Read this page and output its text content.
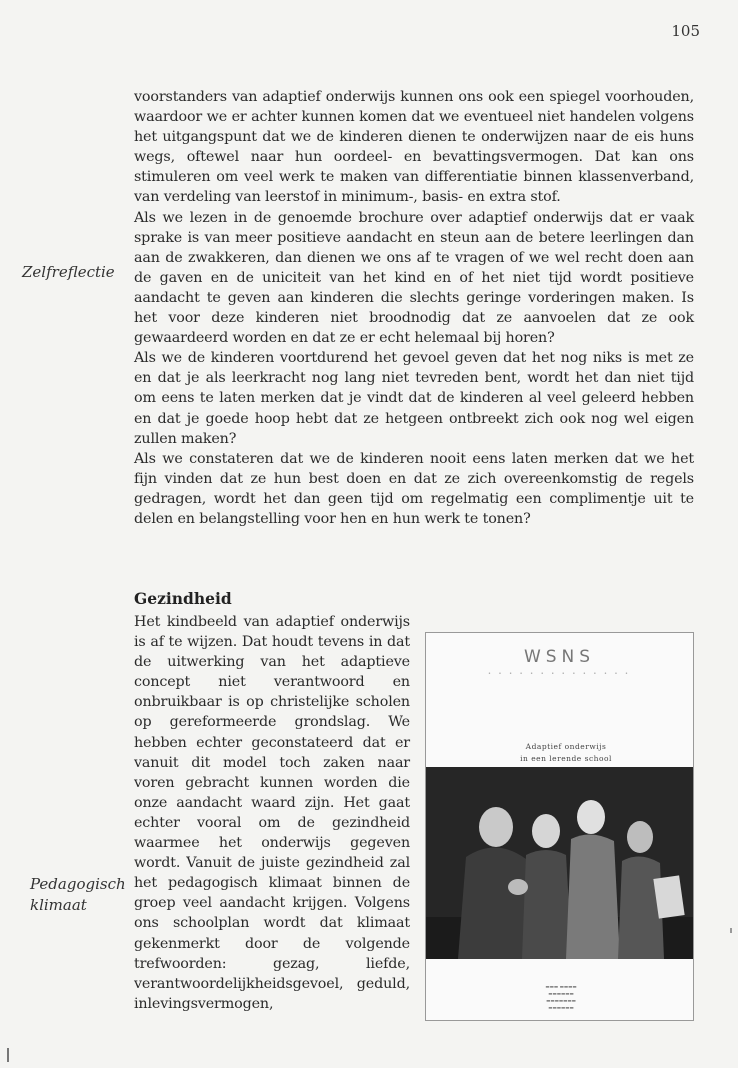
105

voorstanders van adaptief onderwijs kunnen ons ook een spiegel voorhouden, waardoor we er achter kunnen komen dat we eventueel niet handelen volgens het uitgangspunt dat we de kinderen dienen te onderwijzen naar de eis huns wegs, oftewel naar hun oordeel- en bevattingsvermogen. Dat kan ons stimuleren om veel werk te maken van differentiatie binnen klassenverband, van verdeling van leerstof in minimum-, basis- en extra stof.

Als we lezen in de genoemde brochure over adaptief onderwijs dat er vaak sprake is van meer positieve aandacht en steun aan de betere leerlingen dan aan de zwakkeren, dan dienen we ons af te vragen of we wel recht doen aan de gaven en de uniciteit van het kind en of het niet tijd wordt positieve aandacht te geven aan kinderen die slechts geringe vorderingen maken. Is het voor deze kinderen niet broodnodig dat ze aanvoelen dat ze ook gewaardeerd worden en dat ze er echt helemaal bij horen?

Als we de kinderen voortdurend het gevoel geven dat het nog niks is met ze en dat je als leerkracht nog lang niet tevreden bent, wordt het dan niet tijd om eens te laten merken dat je vindt dat de kinderen al veel geleerd hebben en dat je goede hoop hebt dat ze hetgeen ontbreekt zich ook nog wel eigen zullen maken?

Als we constateren dat we de kinderen nooit eens laten merken dat we het fijn vinden dat ze hun best doen en dat ze zich overeenkomstig de regels gedragen, wordt het dan geen tijd om regelmatig een complimentje uit te delen en belangstelling voor hen en hun werk te tonen?

Zelfreflectie
Gezindheid

Het kindbeeld van adaptief onderwijs is af te wijzen. Dat houdt tevens in dat de uitwerking van het adaptieve concept niet verantwoord en onbruikbaar is op christelijke scholen op gereformeerde grondslag. We hebben echter geconstateerd dat er vanuit dit model toch zaken naar voren gebracht kunnen worden die onze aandacht waard zijn. Het gaat echter vooral om de gezindheid waarmee het onderwijs gegeven wordt. Vanuit de juiste gezindheid zal het pedagogisch klimaat binnen de groep veel aandacht krijgen. Volgens ons schoolplan wordt dat klimaat gekenmerkt door de volgende trefwoorden: gezag, liefde, verantwoordelijkheidsgevoel, geduld, inlevingsvermogen,

Pedagogisch klimaat
WSNS
• • • • • • • • • • • • • •
Adaptief onderwijs
in een lerende school
▬▬▬ ▬▬▬▬
▬▬▬▬▬▬
▬▬▬▬▬▬▬
▬▬▬▬▬▬
